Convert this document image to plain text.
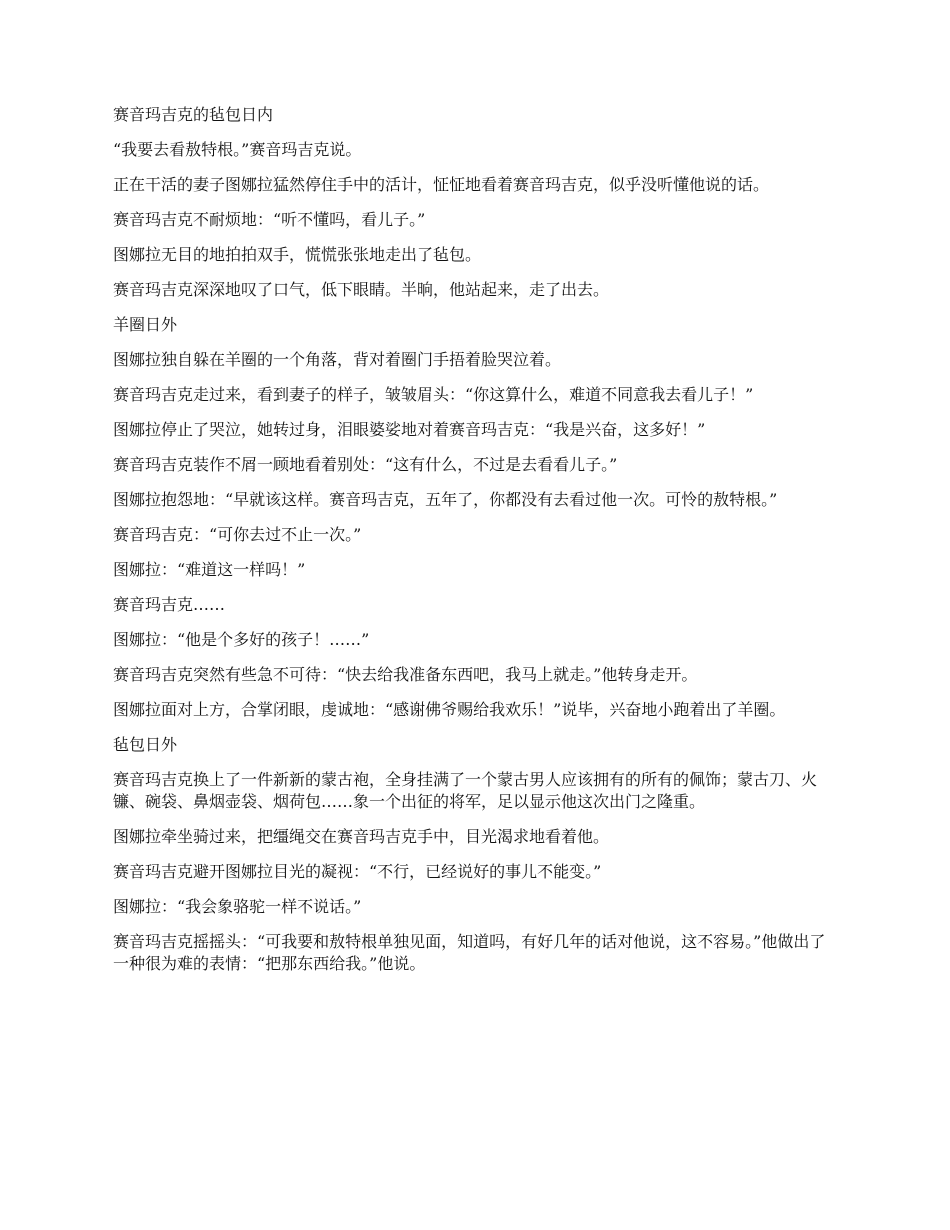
赛音玛吉克的毡包日内

“我要去看敖特根。”赛音玛吉克说。

正在干活的妻子图娜拉猛然停住手中的活计，怔怔地看着赛音玛吉克，似乎没听懂他说的话。

赛音玛吉克不耐烦地：“听不懂吗，看儿子。”

图娜拉无目的地拍拍双手，慌慌张张地走出了毡包。

赛音玛吉克深深地叹了口气，低下眼睛。半晌，他站起来，走了出去。

羊圈日外

图娜拉独自躲在羊圈的一个角落，背对着圈门手捂着脸哭泣着。

赛音玛吉克走过来，看到妻子的样子，皱皱眉头：“你这算什么，难道不同意我去看儿子！”

图娜拉停止了哭泣，她转过身，泪眼婆娑地对着赛音玛吉克：“我是兴奋，这多好！”

赛音玛吉克装作不屑一顾地看着别处：“这有什么，不过是去看看儿子。”

图娜拉抱怨地：“早就该这样。赛音玛吉克，五年了，你都没有去看过他一次。可怜的敖特根。”

赛音玛吉克：“可你去过不止一次。”

图娜拉：“难道这一样吗！”

赛音玛吉克……

图娜拉：“他是个多好的孩子！……”

赛音玛吉克突然有些急不可待：“快去给我准备东西吧，我马上就走。”他转身走开。

图娜拉面对上方，合掌闭眼，虔诚地：“感谢佛爷赐给我欢乐！”说毕，兴奋地小跑着出了羊圈。

毡包日外

赛音玛吉克换上了一件新新的蒙古袍，全身挂满了一个蒙古男人应该拥有的所有的佩饰；蒙古刀、火镰、碗袋、鼻烟壶袋、烟荷包……象一个出征的将军，足以显示他这次出门之隆重。

图娜拉牵坐骑过来，把缰绳交在赛音玛吉克手中，目光渴求地看着他。

赛音玛吉克避开图娜拉目光的凝视：“不行，已经说好的事儿不能变。”

图娜拉：“我会象骆驼一样不说话。”

赛音玛吉克摇摇头：“可我要和敖特根单独见面，知道吗，有好几年的话对他说，这不容易。”他做出了一种很为难的表情：“把那东西给我。”他说。
